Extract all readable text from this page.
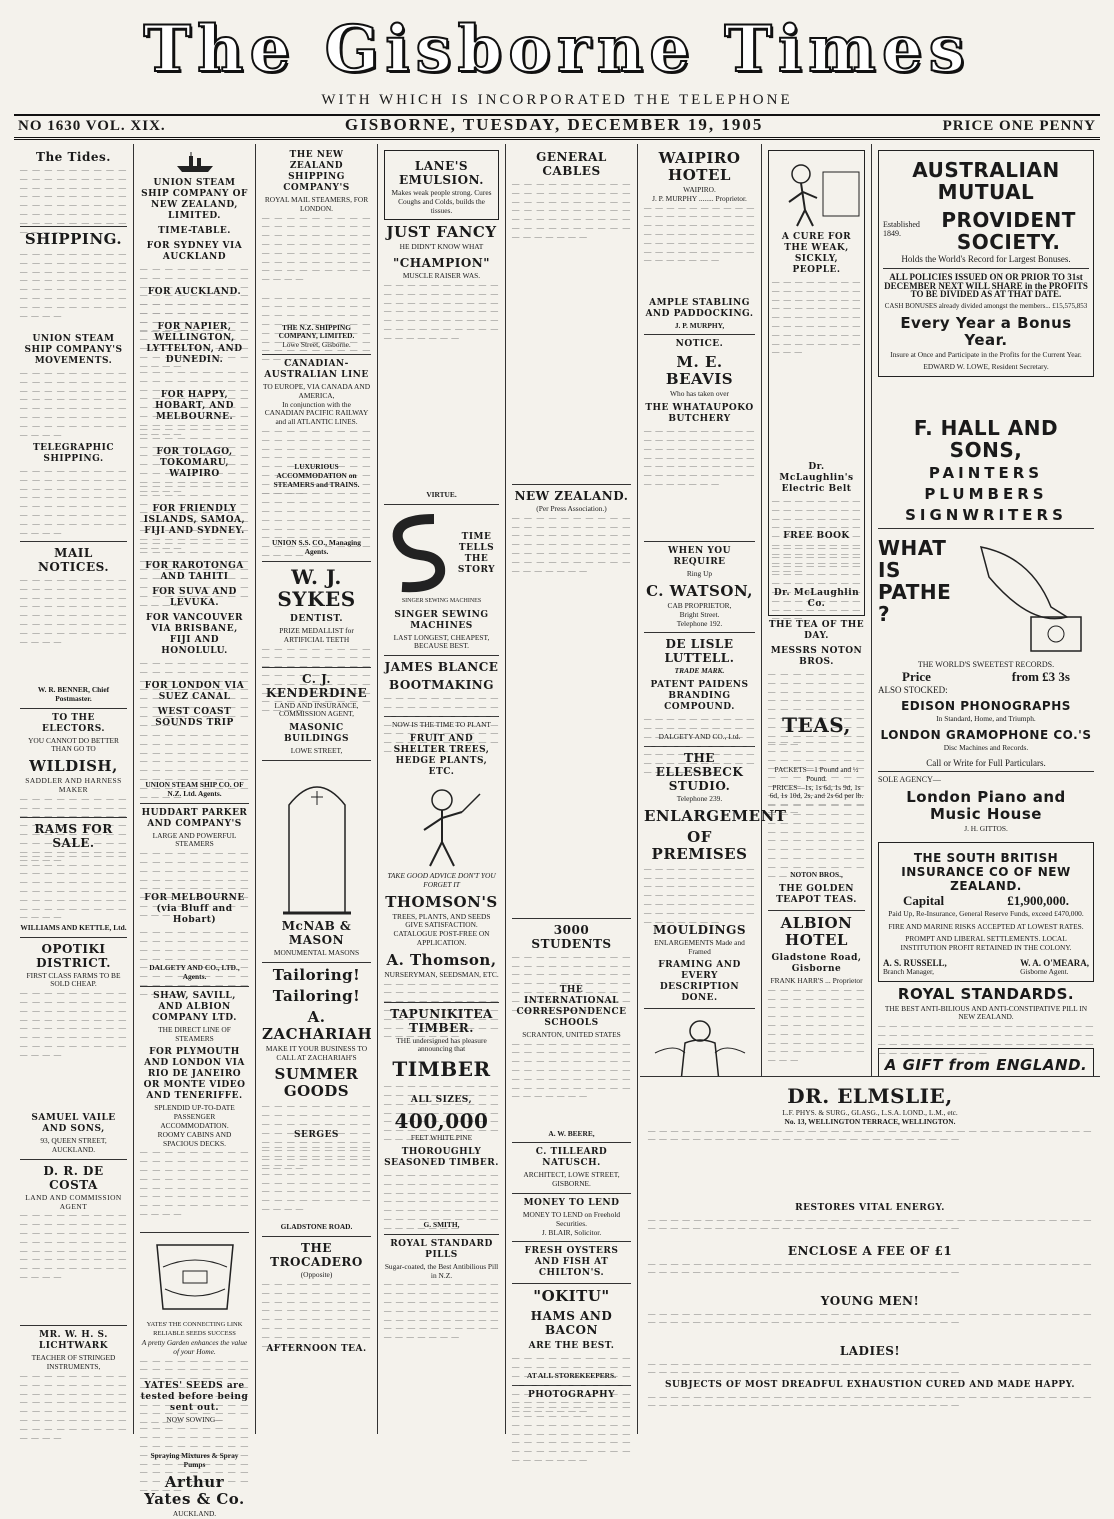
The Gisborne Times
WITH WHICH IS INCORPORATED THE TELEPHONE
NO 1630 VOL. XIX.	GISBORNE, TUESDAY, DECEMBER 19, 1905	PRICE ONE PENNY
The Tides.
— — —
SHIPPING.
— — —
UNION STEAM SHIP COMPANY'S MOVEMENTS.
— — —
TELEGRAPHIC SHIPPING.
— — —
MAIL NOTICES.
— — —
W. R. BENNER, Chief Postmaster.
TO THE ELECTORS.
YOU CANNOT DO BETTER THAN GO TO
WILDISH,
SADDLER AND HARNESS MAKER
— — —
RAMS FOR SALE.
— — —
WILLIAMS AND KETTLE, Ltd.
OPOTIKI DISTRICT.
FIRST CLASS FARMS TO BE SOLD CHEAP.
— — —
SAMUEL VAILE AND SONS,
93, QUEEN STREET, AUCKLAND.
D. R. DE COSTA
LAND AND COMMISSION AGENT
— — —
MR. W. H. S. LICHTWARK
TEACHER OF STRINGED INSTRUMENTS,
— — —
UNION STEAM SHIP COMPANY OF NEW ZEALAND, LIMITED.
TIME-TABLE.
FOR SYDNEY VIA AUCKLAND
— — —
FOR AUCKLAND.
— — —
FOR NAPIER, WELLINGTON, LYTTELTON, AND DUNEDIN.
— — —
FOR HAPPY, HOBART, AND MELBOURNE.
— — —
FOR TOLAGO, TOKOMARU, WAIPIRO
— — —
FOR FRIENDLY ISLANDS, SAMOA, FIJI AND SYDNEY.
— — —
FOR RAROTONGA AND TAHITI
FOR SUVA AND LEVUKA.
FOR VANCOUVER VIA BRISBANE, FIJI AND HONOLULU.
— — —
FOR LONDON VIA SUEZ CANAL
WEST COAST SOUNDS TRIP
— — —
UNION STEAM SHIP CO. OF N.Z. Ltd. Agents.
HUDDART PARKER AND COMPANY'S
LARGE AND POWERFUL STEAMERS
— — —
FOR MELBOURNE (via Bluff and Hobart)
— — —
DALGETY AND CO., LTD., Agents.
SHAW, SAVILL, AND ALBION COMPANY LTD.
THE DIRECT LINE OF STEAMERS
FOR PLYMOUTH AND LONDON VIA RIO DE JANEIRO OR MONTE VIDEO AND TENERIFFE.
SPLENDID UP-TO-DATE PASSENGER ACCOMMODATION.
ROOMY CABINS AND SPACIOUS DECKS.
— — —
YATES' THE CONNECTING LINK RELIABLE SEEDS SUCCESS
A pretty Garden enhances the value of your Home.
— — —
YATES' SEEDS are tested before being sent out.
NOW SOWING—
— — —
Spraying Mixtures & Spray Pumps
Arthur Yates & Co.
AUCKLAND.
THE NEW ZEALAND SHIPPING COMPANY'S
ROYAL MAIL STEAMERS, FOR LONDON.
— — —
— — —
THE N.Z. SHIPPING COMPANY, LIMITED.
Lowe Street, Gisborne.
CANADIAN-AUSTRALIAN LINE
TO EUROPE, VIA CANADA AND AMERICA,
In conjunction with the CANADIAN PACIFIC RAILWAY and all ATLANTIC LINES.
— — —
LUXURIOUS ACCOMMODATION on STEAMERS and TRAINS.
— — —
UNION S.S. CO., Managing Agents.
W. J. SYKES
DENTIST.
PRIZE MEDALLIST for ARTIFICIAL TEETH
— — —
C. J. KENDERDINE
LAND AND INSURANCE, COMMISSION AGENT,
MASONIC BUILDINGS
LOWE STREET,
McNAB & MASON
MONUMENTAL MASONS
Tailoring!
Tailoring!
A. ZACHARIAH
MAKE IT YOUR BUSINESS TO CALL AT ZACHARIAH'S
SUMMER GOODS
— — —
SERGES
— — —
GLADSTONE ROAD.
THE TROCADERO
(Opposite)
— — —
AFTERNOON TEA.
LANE'S EMULSION.
Makes weak people strong. Cures Coughs and Colds, builds the tissues.
JUST FANCY
HE DIDN'T KNOW WHAT
"CHAMPION"
MUSCLE RAISER WAS.
— — —
VIRTUE.
TIME TELLS THE STORY
SINGER SEWING MACHINES
SINGER SEWING MACHINES
LAST LONGEST, CHEAPEST, BECAUSE BEST.
JAMES BLANCE
BOOTMAKING
— — —
NOW IS THE TIME TO PLANT
FRUIT AND SHELTER TREES, HEDGE PLANTS, ETC.
TAKE GOOD ADVICE DON'T YOU FORGET IT
THOMSON'S
TREES, PLANTS, AND SEEDS GIVE SATISFACTION.
CATALOGUE POST-FREE ON APPLICATION.
A. Thomson,
NURSERYMAN, SEEDSMAN, ETC.
— — —
TAPUNIKITEA TIMBER.
THE undersigned has pleasure announcing that
TIMBER
— — —
ALL SIZES,
400,000
FEET WHITE PINE
THOROUGHLY SEASONED TIMBER.
— — —
G. SMITH,
ROYAL STANDARD PILLS
Sugar-coated, the Best Antibilious Pill in N.Z.
— — —
GENERAL CABLES
— — —
NEW ZEALAND.
(Per Press Association.)
— — —
3000 STUDENTS
— — —
THE INTERNATIONAL CORRESPONDENCE SCHOOLS
SCRANTON, UNITED STATES
— — —
A. W. BEERE,
C. TILLEARD NATUSCH.
ARCHITECT, LOWE STREET, GISBORNE.
MONEY TO LEND
MONEY TO LEND on Freehold Securities.
J. BLAIR, Solicitor.
FRESH OYSTERS AND FISH AT CHILTON'S.
"OKITU"
HAMS AND BACON
ARE THE BEST.
— — —
AT ALL STOREKEEPERS.
PHOTOGRAPHY
— — —
WAIPIRO HOTEL
WAIPIRO.
J. P. MURPHY ........ Proprietor.
— — —
AMPLE STABLING AND PADDOCKING.
J. P. MURPHY,
NOTICE.
M. E. BEAVIS
Who has taken over
THE WHATAUPOKO BUTCHERY
— — —
WHEN YOU REQUIRE
Ring Up
C. WATSON,
CAB PROPRIETOR,
Bright Street.
Telephone 192.
DE LISLE LUTTELL.
TRADE MARK.
PATENT PAIDENS BRANDING COMPOUND.
— — —
DALGETY AND CO., Ltd.
THE ELLESBECK STUDIO.
Telephone 239.
ENLARGEMENT
OF PREMISES
— — —
MOULDINGS
ENLARGEMENTS Made and Framed
FRAMING AND EVERY DESCRIPTION DONE.
A CURE FOR THE WEAK, SICKLY, PEOPLE.
— — —
Dr. McLaughlin's Electric Belt
— — —
FREE BOOK
— — —
Dr. McLaughlin Co.
THE TEA OF THE DAY.
MESSRS NOTON BROS.
— — —
TEAS,
— — —
PACKETS—1 Pound and ½ Pound.
PRICES—1s, 1s 6d, 1s 9d, 1s 6d, 1s 10d, 2s, and 2s 6d per lb.
— — —
NOTON BROS.,
THE GOLDEN TEAPOT TEAS.
ALBION HOTEL
Gladstone Road, Gisborne
FRANK HARR'S ... Proprietor
— — —
AUSTRALIAN MUTUAL
Established 1849.
PROVIDENT SOCIETY.
Holds the World's Record for Largest Bonuses.
ALL POLICIES ISSUED ON OR PRIOR TO 31st DECEMBER NEXT WILL SHARE in the PROFITS TO BE DIVIDED AS AT THAT DATE.
CASH BONUSES already divided amongst the members... £15,575,853
Every Year a Bonus Year.
Insure at Once and Participate in the Profits for the Current Year.
EDWARD W. LOWE, Resident Secretary.
F. HALL AND SONS,
PAINTERS
PLUMBERS
SIGNWRITERS
WHAT IS PATHE ?
THE WORLD'S SWEETEST RECORDS.
Price	from £3 3s
ALSO STOCKED:
EDISON PHONOGRAPHS
In Standard, Home, and Triumph.
LONDON GRAMOPHONE CO.'S
Disc Machines and Records.
Call or Write for Full Particulars.
SOLE AGENCY—
London Piano and Music House
J. H. GITTOS.
THE SOUTH BRITISH INSURANCE CO OF NEW ZEALAND.
Capital	£1,900,000.
Paid Up, Re-Insurance, General Reserve Funds, exceed £470,000.
FIRE AND MARINE RISKS ACCEPTED AT LOWEST RATES.
PROMPT AND LIBERAL SETTLEMENTS. LOCAL INSTITUTION PROFIT RETAINED IN THE COLONY.
A. S. RUSSELL,
Branch Manager,
W. A. O'MEARA,
Gisborne Agent.
ROYAL STANDARDS.
THE BEST ANTI-BILIOUS AND ANTI-CONSTIPATIVE PILL IN NEW ZEALAND.
— — —
A GIFT from ENGLAND.
— — —
DR. ELMSLIE,
L.F. PHYS. & SURG., GLASG., L.S.A. LOND., L.M., etc.
No. 13, WELLINGTON TERRACE, WELLINGTON.
— — —
RESTORES VITAL ENERGY.
— — —
ENCLOSE A FEE OF £1
— — —
YOUNG MEN!
— — —
LADIES!
— — —
SUBJECTS OF MOST DREADFUL EXHAUSTION CURED AND MADE HAPPY.
— — —
